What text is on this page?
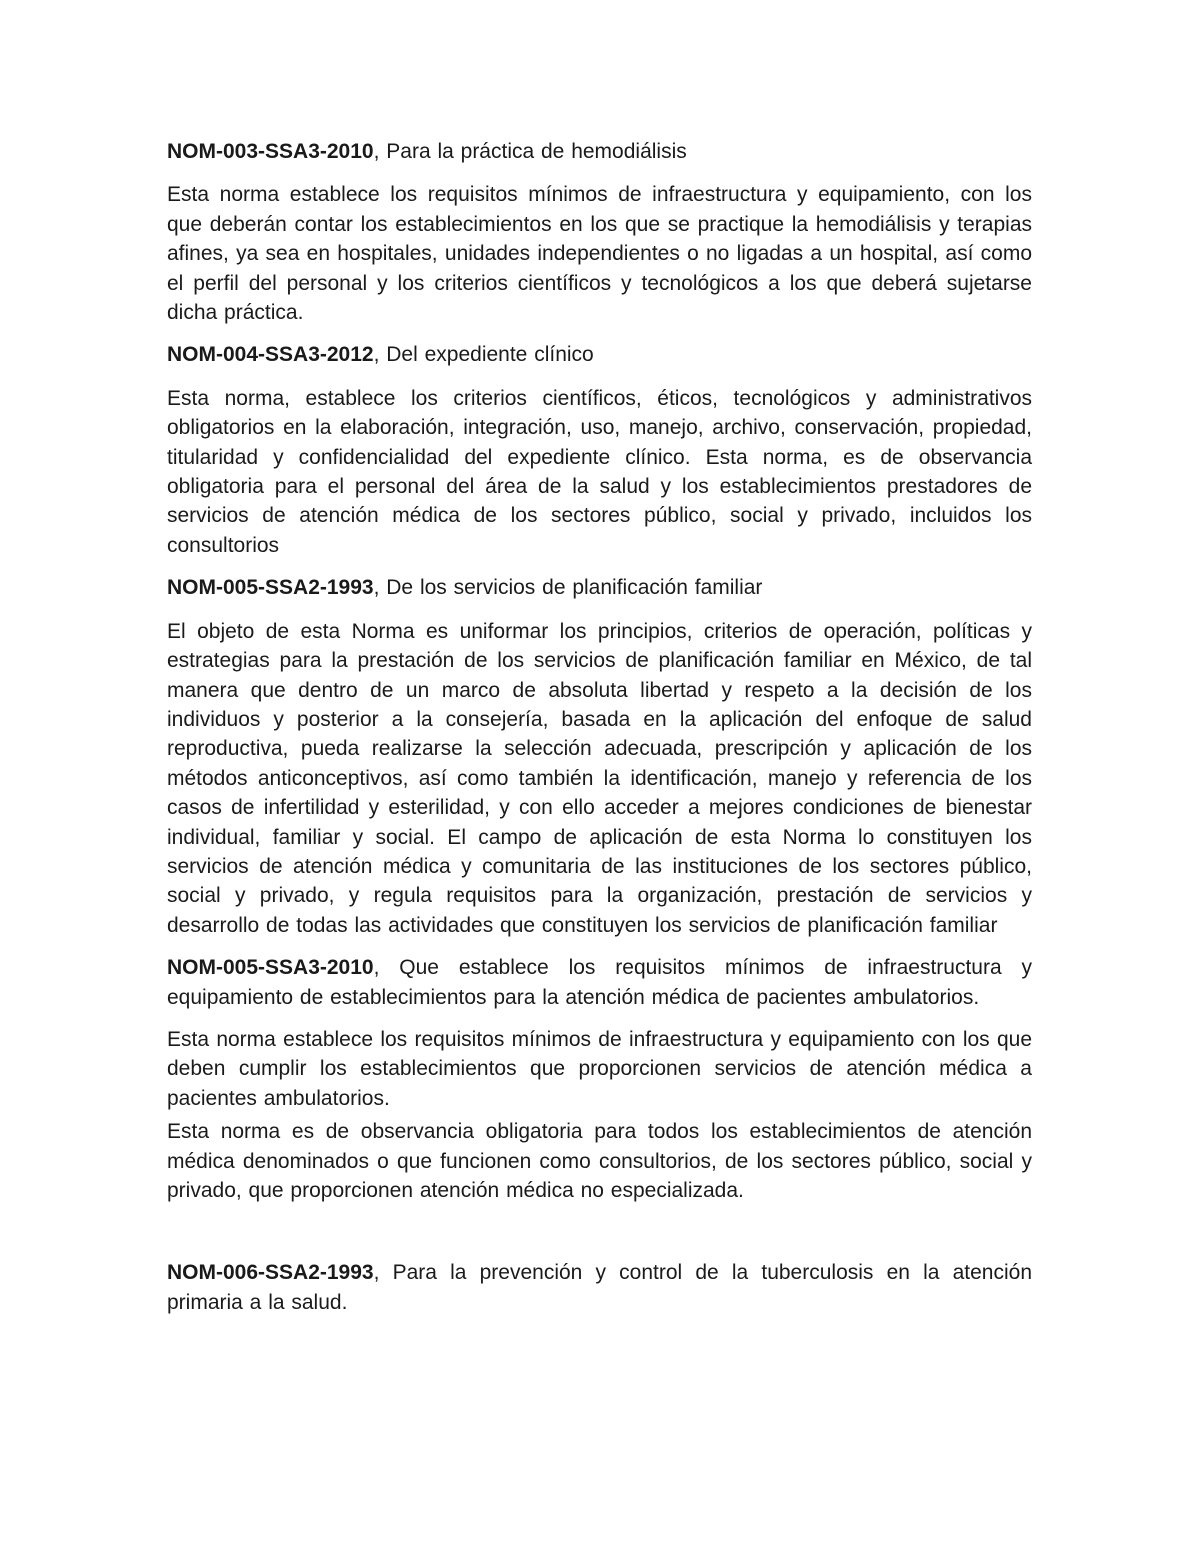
NOM-003-SSA3-2010, Para la práctica de hemodiálisis

Esta norma establece los requisitos mínimos de infraestructura y equipamiento, con los que deberán contar los establecimientos en los que se practique la hemodiálisis y terapias afines, ya sea en hospitales, unidades independientes o no ligadas a un hospital, así como el perfil del personal y los criterios científicos y tecnológicos a los que deberá sujetarse dicha práctica.

NOM-004-SSA3-2012, Del expediente clínico

Esta norma, establece los criterios científicos, éticos, tecnológicos y administrativos obligatorios en la elaboración, integración, uso, manejo, archivo, conservación, propiedad, titularidad y confidencialidad del expediente clínico. Esta norma, es de observancia obligatoria para el personal del área de la salud y los establecimientos prestadores de servicios de atención médica de los sectores público, social y privado, incluidos los consultorios

NOM-005-SSA2-1993, De los servicios de planificación familiar

El objeto de esta Norma es uniformar los principios, criterios de operación, políticas y estrategias para la prestación de los servicios de planificación familiar en México, de tal manera que dentro de un marco de absoluta libertad y respeto a la decisión de los individuos y posterior a la consejería, basada en la aplicación del enfoque de salud reproductiva, pueda realizarse la selección adecuada, prescripción y aplicación de los métodos anticonceptivos, así como también la identificación, manejo y referencia de los casos de infertilidad y esterilidad, y con ello acceder a mejores condiciones de bienestar individual, familiar y social. El campo de aplicación de esta Norma lo constituyen los servicios de atención médica y comunitaria de las instituciones de los sectores público, social y privado, y regula requisitos para la organización, prestación de servicios y desarrollo de todas las actividades que constituyen los servicios de planificación familiar

NOM-005-SSA3-2010, Que establece los requisitos mínimos de infraestructura y equipamiento de establecimientos para la atención médica de pacientes ambulatorios.

Esta norma establece los requisitos mínimos de infraestructura y equipamiento con los que deben cumplir los establecimientos que proporcionen servicios de atención médica a pacientes ambulatorios.

Esta norma es de observancia obligatoria para todos los establecimientos de atención médica denominados o que funcionen como consultorios, de los sectores público, social y privado, que proporcionen atención médica no especializada.

NOM-006-SSA2-1993, Para la prevención y control de la tuberculosis en la atención primaria a la salud.
